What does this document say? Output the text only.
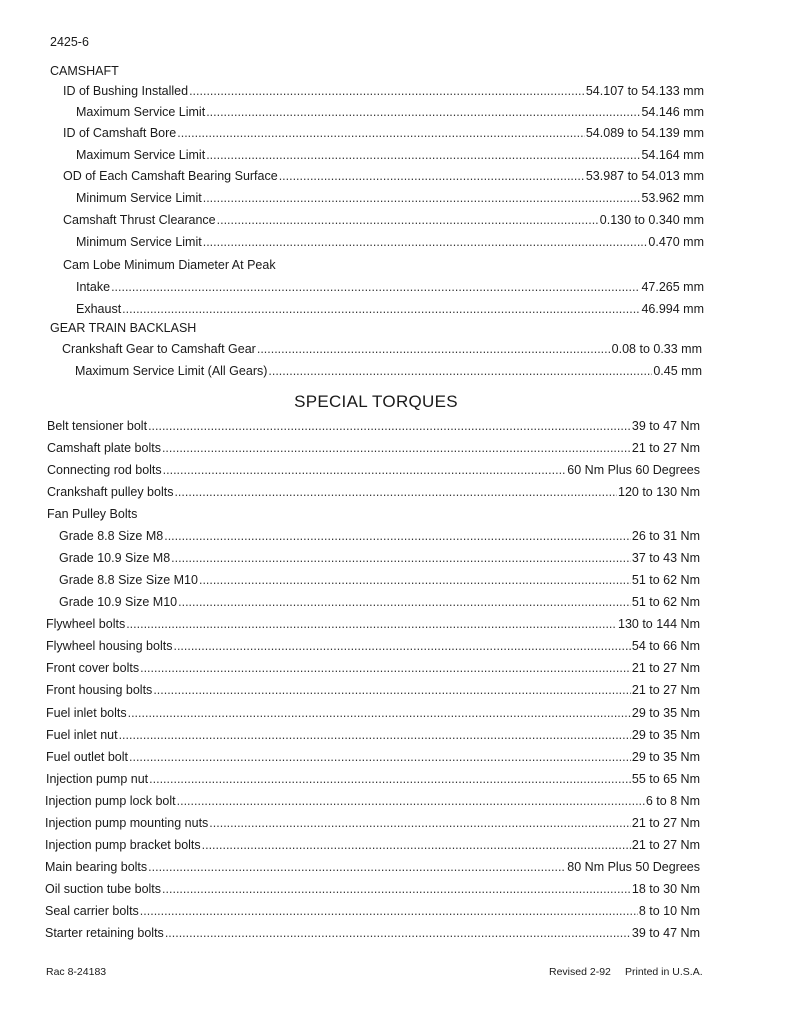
2425-6
CAMSHAFT
ID of Bushing Installed .....	54.107 to 54.133 mm
Maximum Service Limit .....	54.146 mm
ID of Camshaft Bore .....	54.089 to 54.139 mm
Maximum Service Limit .....	54.164 mm
OD of Each Camshaft Bearing Surface .....	53.987 to 54.013 mm
Minimum Service Limit .....	53.962 mm
Camshaft Thrust Clearance .....	0.130 to 0.340 mm
Minimum Service Limit .....	0.470 mm
Cam Lobe Minimum Diameter At Peak
Intake .....	47.265 mm
Exhaust .....	46.994 mm
GEAR TRAIN BACKLASH
Crankshaft Gear to Camshaft Gear .....	0.08 to 0.33 mm
Maximum Service Limit (All Gears) .....	0.45 mm
SPECIAL TORQUES
Belt tensioner bolt .....	39 to 47 Nm
Camshaft plate bolts .....	21 to 27 Nm
Connecting rod bolts .....	60 Nm Plus 60 Degrees
Crankshaft pulley bolts .....	120 to 130 Nm
Fan Pulley Bolts
Grade 8.8 Size M8 .....	26 to 31 Nm
Grade 10.9 Size M8 .....	37 to 43 Nm
Grade 8.8 Size Size M10 .....	51 to 62 Nm
Grade 10.9 Size M10 .....	51 to 62 Nm
Flywheel bolts .....	130 to 144 Nm
Flywheel housing bolts .....	54 to 66 Nm
Front cover bolts .....	21 to 27 Nm
Front housing bolts .....	21 to 27 Nm
Fuel inlet bolts .....	29 to 35 Nm
Fuel inlet nut .....	29 to 35 Nm
Fuel outlet bolt .....	29 to 35 Nm
Injection pump nut .....	55 to 65 Nm
Injection pump lock bolt .....	6 to 8 Nm
Injection pump mounting nuts .....	21 to 27 Nm
Injection pump bracket bolts .....	21 to 27 Nm
Main bearing bolts .....	80 Nm Plus 50 Degrees
Oil suction tube bolts .....	18 to 30 Nm
Seal carrier bolts .....	8 to 10 Nm
Starter retaining bolts .....	39 to 47 Nm
Rac 8-24183	Revised 2-92 Printed in U.S.A.
